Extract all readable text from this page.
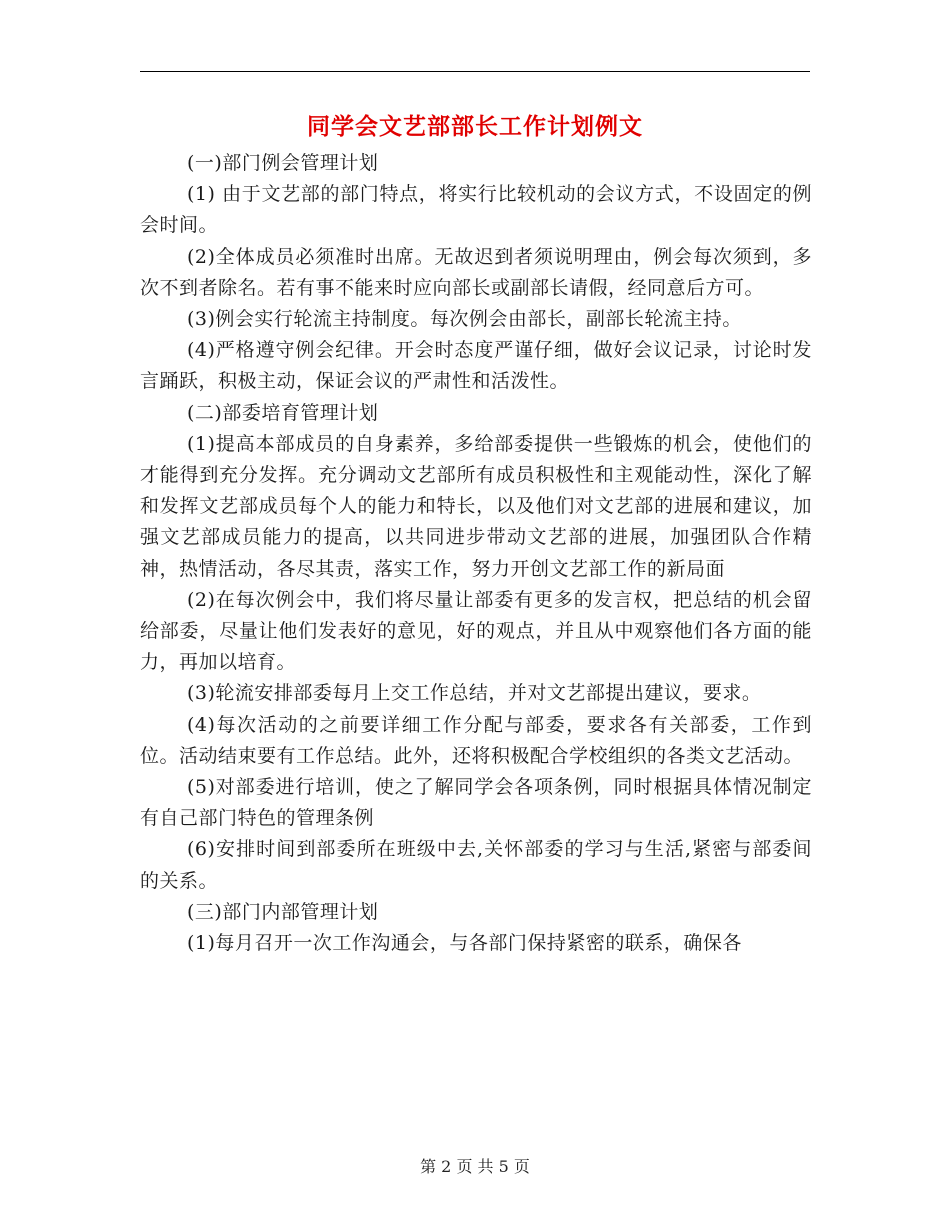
同学会文艺部部长工作计划例文

(一)部门例会管理计划

(1) 由于文艺部的部门特点，将实行比较机动的会议方式，不设固定的例会时间。

(2)全体成员必须准时出席。无故迟到者须说明理由，例会每次须到，多次不到者除名。若有事不能来时应向部长或副部长请假，经同意后方可。

(3)例会实行轮流主持制度。每次例会由部长，副部长轮流主持。

(4)严格遵守例会纪律。开会时态度严谨仔细，做好会议记录，讨论时发言踊跃，积极主动，保证会议的严肃性和活泼性。

(二)部委培育管理计划

(1)提高本部成员的自身素养，多给部委提供一些锻炼的机会，使他们的才能得到充分发挥。充分调动文艺部所有成员积极性和主观能动性，深化了解和发挥文艺部成员每个人的能力和特长，以及他们对文艺部的进展和建议，加强文艺部成员能力的提高，以共同进步带动文艺部的进展，加强团队合作精神，热情活动，各尽其责，落实工作，努力开创文艺部工作的新局面

(2)在每次例会中，我们将尽量让部委有更多的发言权，把总结的机会留给部委，尽量让他们发表好的意见，好的观点，并且从中观察他们各方面的能力，再加以培育。

(3)轮流安排部委每月上交工作总结，并对文艺部提出建议，要求。

(4)每次活动的之前要详细工作分配与部委，要求各有关部委，工作到位。活动结束要有工作总结。此外，还将积极配合学校组织的各类文艺活动。

(5)对部委进行培训，使之了解同学会各项条例，同时根据具体情况制定有自己部门特色的管理条例

(6)安排时间到部委所在班级中去,关怀部委的学习与生活,紧密与部委间的关系。

(三)部门内部管理计划

(1)每月召开一次工作沟通会，与各部门保持紧密的联系，确保各

第 2 页 共 5 页
